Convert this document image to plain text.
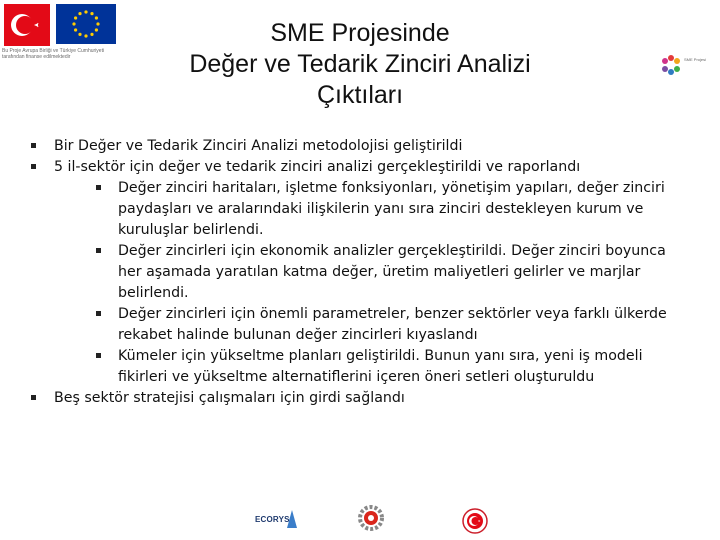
Bu Proje Avrupa Birliği ve Türkiye Cumhuriyeti tarafından finanse edilmektedir	SME Projesi
SME Projesinde
Değer ve Tedarik Zinciri Analizi
Çıktıları
Bir Değer ve Tedarik Zinciri Analizi metodolojisi geliştirildi
5 il-sektör için değer ve tedarik zinciri analizi gerçekleştirildi ve raporlandı
Değer zinciri haritaları, işletme fonksiyonları, yönetişim yapıları, değer zinciri paydaşları ve aralarındaki ilişkilerin yanı sıra zinciri destekleyen kurum ve kuruluşlar belirlendi.
Değer zincirleri için ekonomik analizler gerçekleştirildi. Değer zinciri boyunca her aşamada yaratılan katma değer, üretim maliyetleri gelirler ve marjlar belirlendi.
Değer zincirleri için önemli parametreler, benzer sektörler veya farklı ülkerde rekabet halinde bulunan değer zincirleri kıyaslandı
Kümeler için yükseltme planları geliştirildi. Bunun yanı sıra, yeni iş modeli fikirleri ve yükseltme alternatiflerini içeren öneri setleri oluşturuldu
Beş sektör stratejisi çalışmaları için girdi sağlandı
ECORYS
